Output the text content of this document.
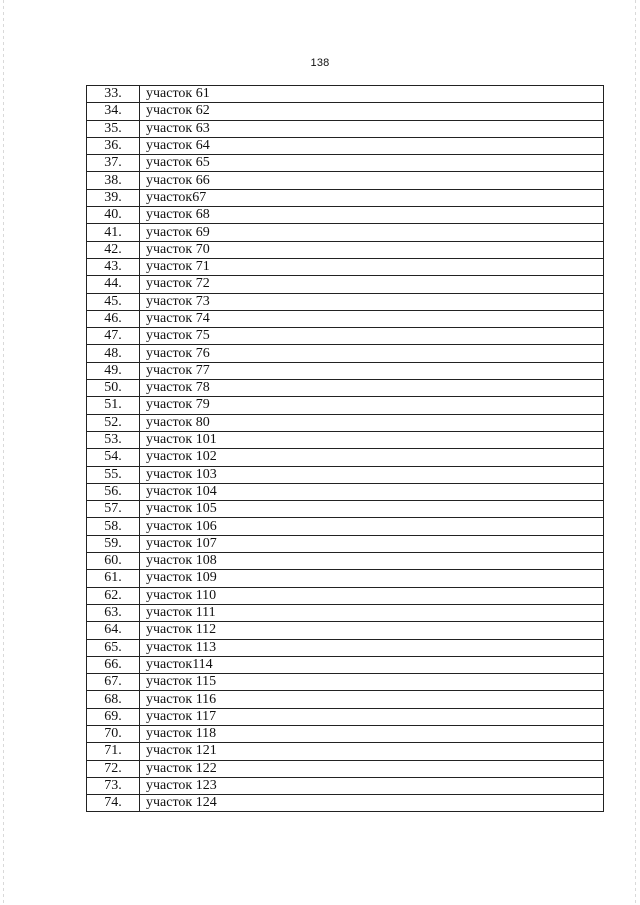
138
33.	участок 61
34.	участок 62
35.	участок 63
36.	участок 64
37.	участок 65
38.	участок 66
39.	участок67
40.	участок 68
41.	участок 69
42.	участок 70
43.	участок 71
44.	участок 72
45.	участок 73
46.	участок 74
47.	участок 75
48.	участок 76
49.	участок 77
50.	участок 78
51.	участок 79
52.	участок 80
53.	участок 101
54.	участок 102
55.	участок 103
56.	участок 104
57.	участок 105
58.	участок 106
59.	участок 107
60.	участок 108
61.	участок 109
62.	участок 110
63.	участок 111
64.	участок 112
65.	участок 113
66.	участок114
67.	участок 115
68.	участок 116
69.	участок 117
70.	участок 118
71.	участок 121
72.	участок 122
73.	участок 123
74.	участок 124
